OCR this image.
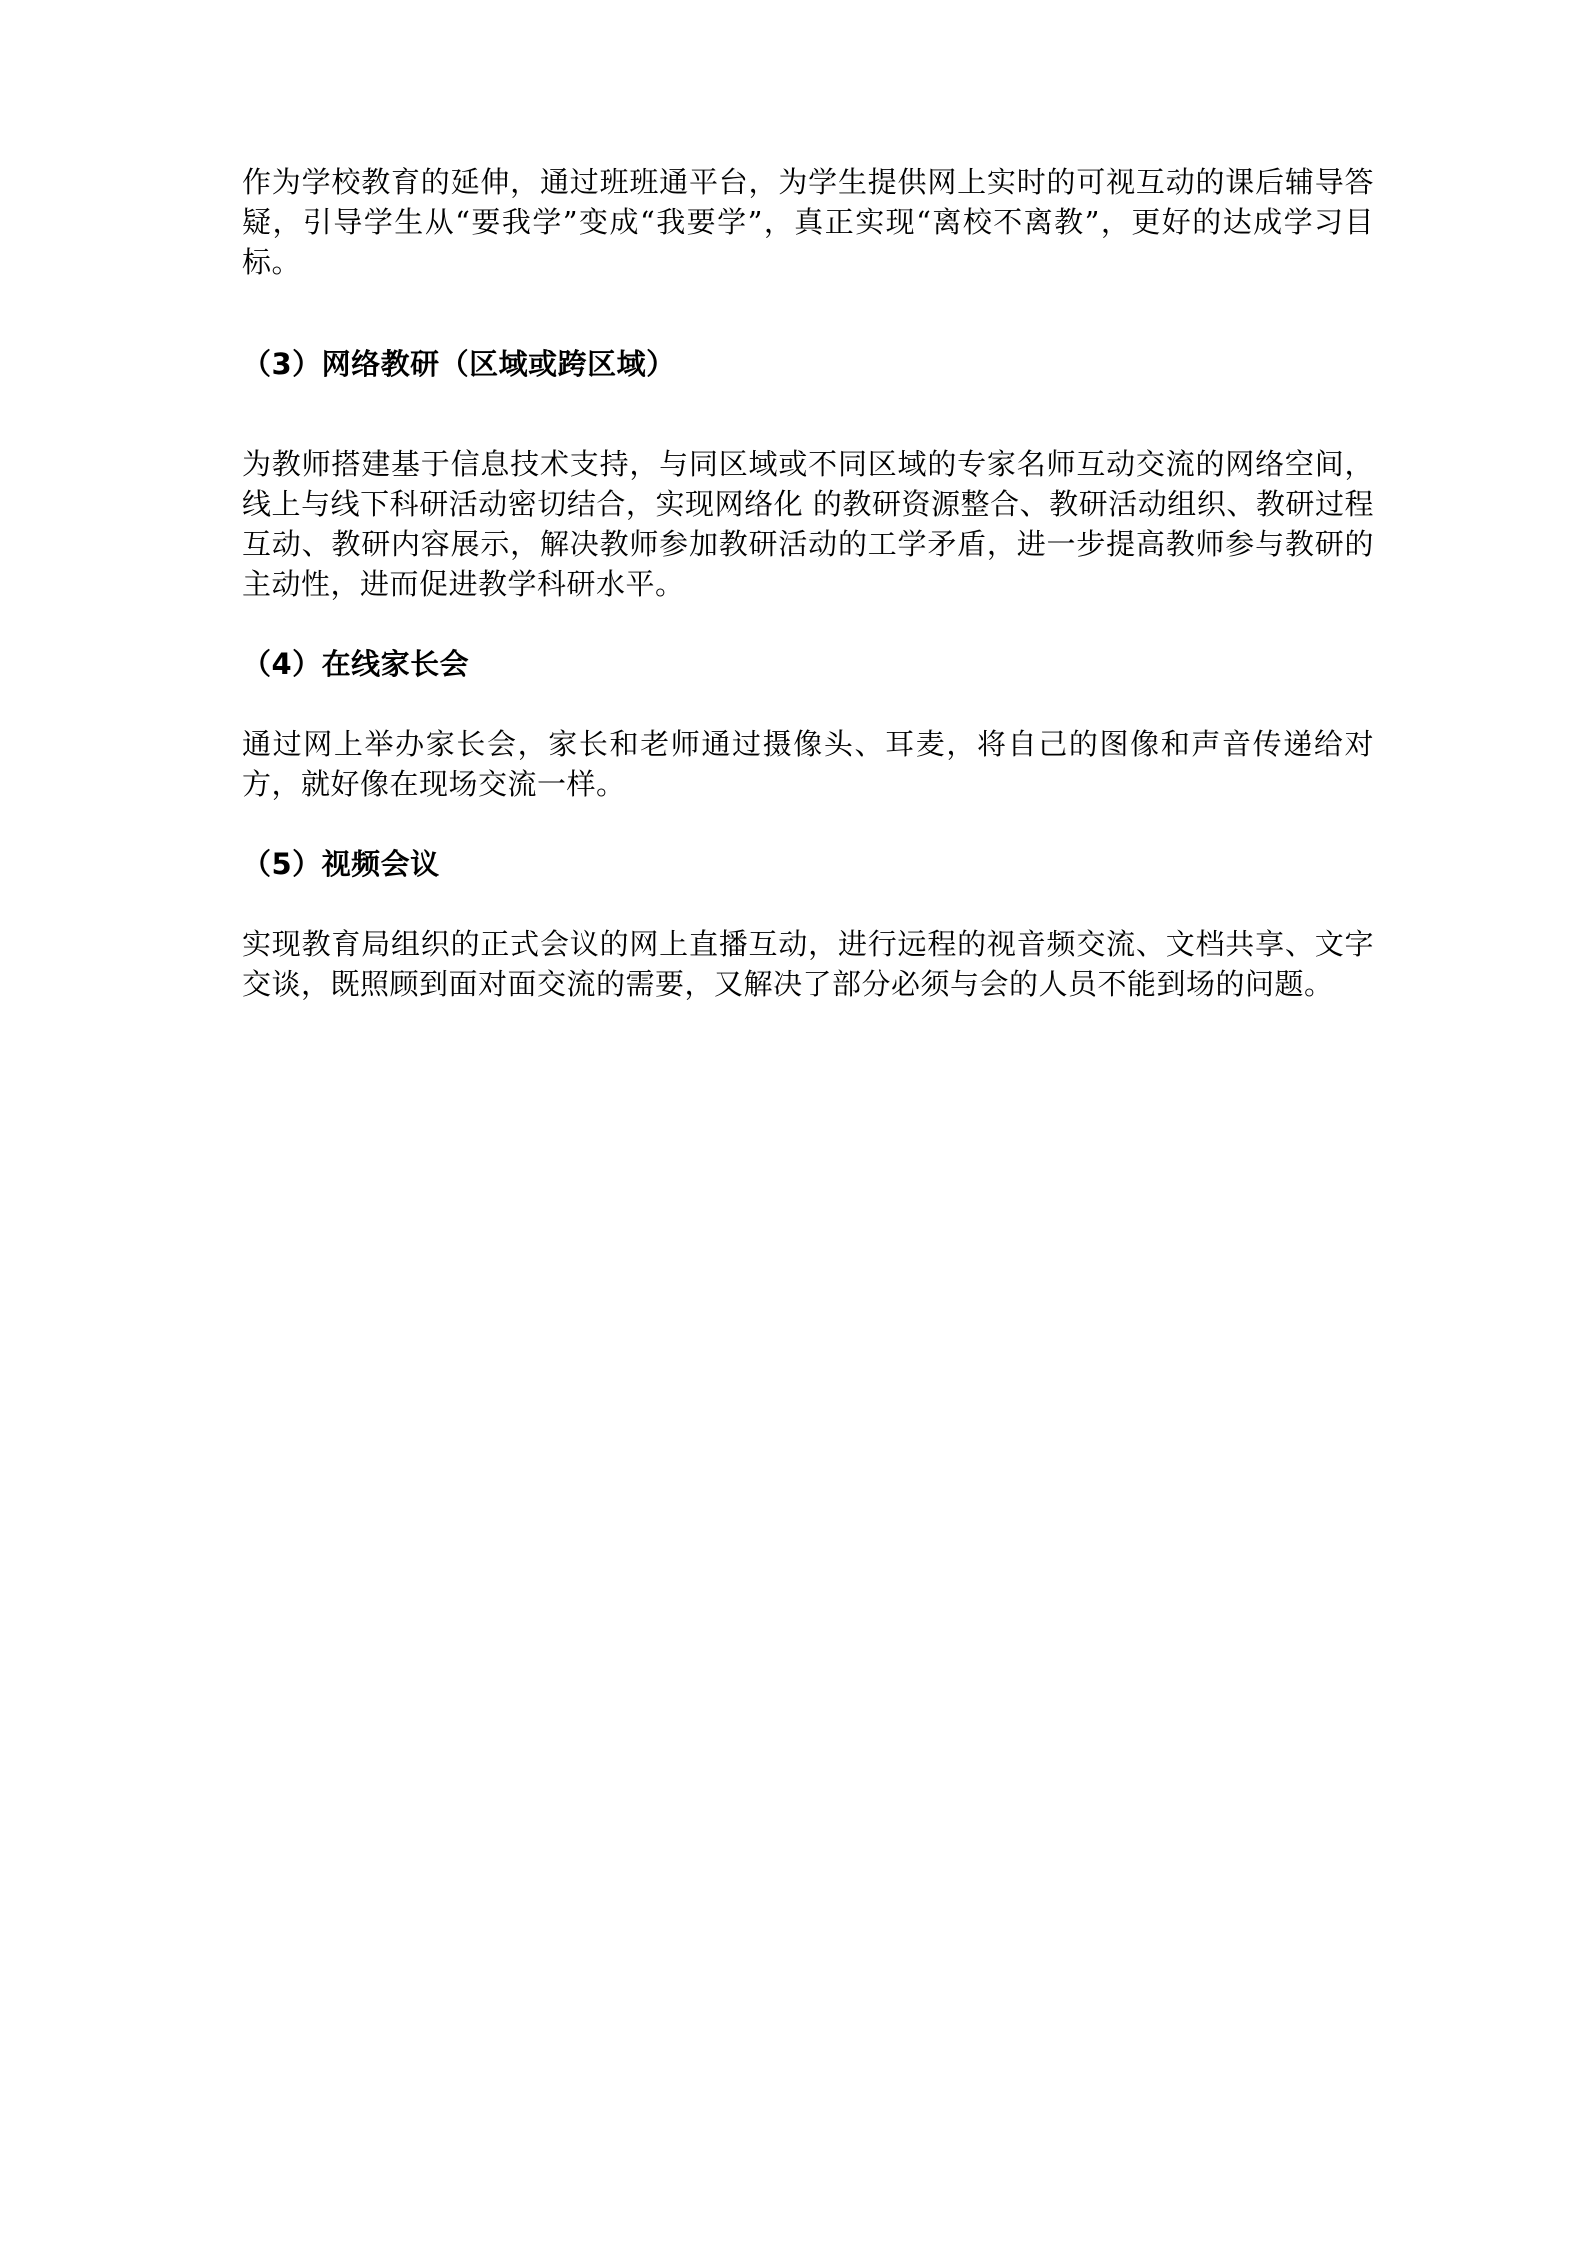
作为学校教育的延伸，通过班班通平台，为学生提供网上实时的可视互动的课后辅导答疑，引导学生从“要我学”变成“我要学”，真正实现“离校不离教”，更好的达成学习目标。

（3）网络教研（区域或跨区域）

为教师搭建基于信息技术支持，与同区域或不同区域的专家名师互动交流的网络空间，线上与线下科研活动密切结合，实现网络化 的教研资源整合、教研活动组织、教研过程互动、教研内容展示，解决教师参加教研活动的工学矛盾，进一步提高教师参与教研的主动性，进而促进教学科研水平。

（4）在线家长会

通过网上举办家长会，家长和老师通过摄像头、耳麦，将自己的图像和声音传递给对方，就好像在现场交流一样。

（5）视频会议

实现教育局组织的正式会议的网上直播互动，进行远程的视音频交流、文档共享、文字交谈，既照顾到面对面交流的需要，又解决了部分必须与会的人员不能到场的问题。
